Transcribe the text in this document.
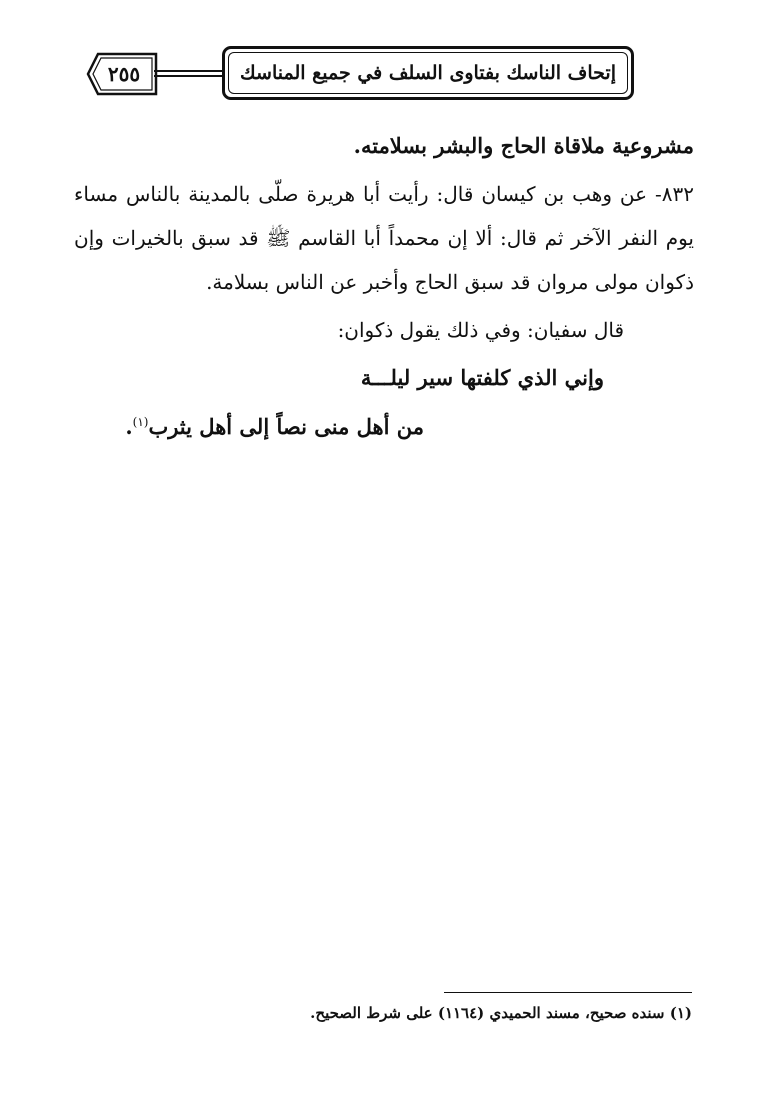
٢٥٥	إتحاف الناسك بفتاوى السلف في جميع المناسك

مشروعية ملاقاة الحاج والبشر بسلامته.

٨٣٢- عن وهب بن كيسان قال: رأيت أبا هريرة صلّى بالمدينة بالناس مساء يوم النفر الآخر ثم قال: ألا إن محمداً أبا القاسم ﷺ قد سبق بالخيرات وإن ذكوان مولى مروان قد سبق الحاج وأخبر عن الناس بسلامة.

قال سفيان: وفي ذلك يقول ذكوان:

وإني الذي كلفتها سير ليلـــة

من أهل منى نصاً إلى أهل يثرب$^{(١)}$.

(١) سنده صحيح، مسند الحميدي (١١٦٤) على شرط الصحيح.
